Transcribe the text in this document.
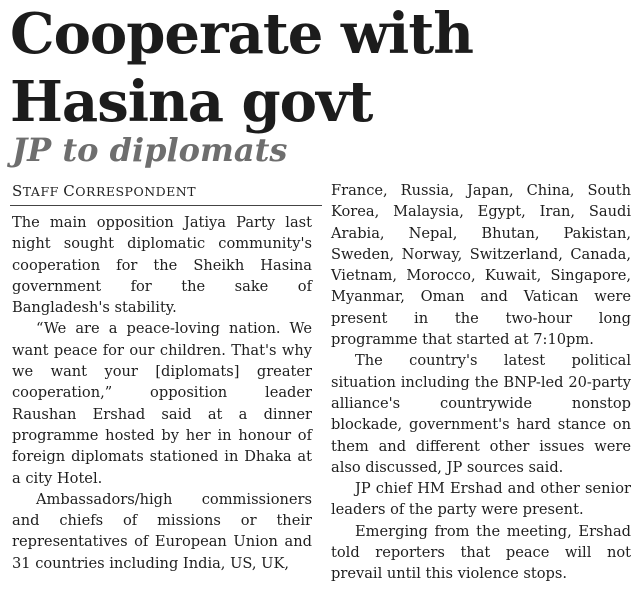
Cooperate with
Hasina govt
JP to diplomats
STAFF CORRESPONDENT

The main opposition Jatiya Party last night sought diplomatic community's cooperation for the Sheikh Hasina government for the sake of Bangladesh's stability.

“We are a peace-loving nation. We want peace for our children. That's why we want your [diplomats] greater cooperation,” opposition leader Raushan Ershad said at a dinner programme hosted by her in honour of foreign diplomats stationed in Dhaka at a city Hotel.

Ambassadors/high commissioners and chiefs of missions or their representatives of European Union and 31 countries including India, US, UK,

France, Russia, Japan, China, South Korea, Malaysia, Egypt, Iran, Saudi Arabia, Nepal, Bhutan, Pakistan, Sweden, Norway, Switzerland, Canada, Vietnam, Morocco, Kuwait, Singapore, Myanmar, Oman and Vatican were present in the two-hour long programme that started at 7:10pm.

The country's latest political situation including the BNP-led 20-party alliance's countrywide nonstop blockade, government's hard stance on them and different other issues were also discussed, JP sources said.

JP chief HM Ershad and other senior leaders of the party were present.

Emerging from the meeting, Ershad told reporters that peace will not prevail until this violence stops.
